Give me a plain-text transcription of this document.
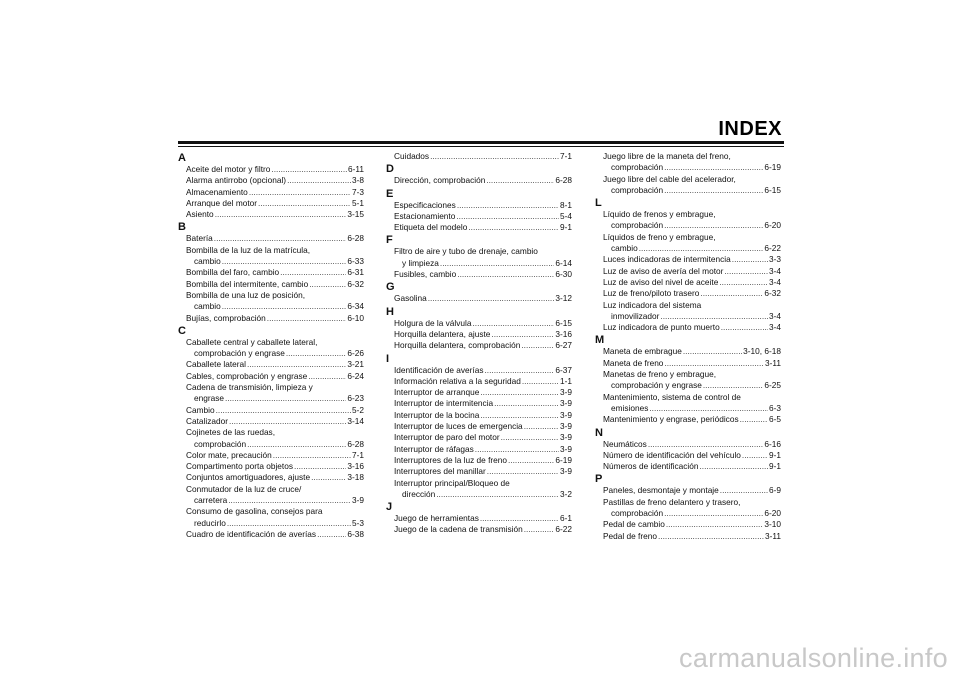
INDEX
A
Aceite del motor y filtro .....	6-11
Alarma antirrobo (opcional) .....	3-8
Almacenamiento .....	7-3
Arranque del motor .....	5-1
Asiento .....	3-15
B
Batería .....	6-28
Bombilla de la luz de la matrícula,
cambio .....	6-33
Bombilla del faro, cambio .....	6-31
Bombilla del intermitente, cambio .....	6-32
Bombilla de una luz de posición,
cambio .....	6-34
Bujías, comprobación .....	6-10
C
Caballete central y caballete lateral,
comprobación y engrase .....	6-26
Caballete lateral .....	3-21
Cables, comprobación y engrase .....	6-24
Cadena de transmisión, limpieza y
engrase .....	6-23
Cambio .....	5-2
Catalizador .....	3-14
Cojinetes de las ruedas,
comprobación .....	6-28
Color mate, precaución .....	7-1
Compartimento porta objetos .....	3-16
Conjuntos amortiguadores, ajuste .....	3-18
Conmutador de la luz de cruce/
carretera .....	3-9
Consumo de gasolina, consejos para
reducirlo .....	5-3
Cuadro de identificación de averías .....	6-38
Cuidados .....	7-1
D
Dirección, comprobación .....	6-28
E
Especificaciones .....	8-1
Estacionamiento .....	5-4
Etiqueta del modelo .....	9-1
F
Filtro de aire y tubo de drenaje, cambio
y limpieza .....	6-14
Fusibles, cambio .....	6-30
G
Gasolina .....	3-12
H
Holgura de la válvula .....	6-15
Horquilla delantera, ajuste .....	3-16
Horquilla delantera, comprobación .....	6-27
I
Identificación de averías .....	6-37
Información relativa a la seguridad .....	1-1
Interruptor de arranque .....	3-9
Interruptor de intermitencia .....	3-9
Interruptor de la bocina .....	3-9
Interruptor de luces de emergencia .....	3-9
Interruptor de paro del motor .....	3-9
Interruptor de ráfagas .....	3-9
Interruptores de la luz de freno .....	6-19
Interruptores del manillar .....	3-9
Interruptor principal/Bloqueo de
dirección .....	3-2
J
Juego de herramientas .....	6-1
Juego de la cadena de transmisión .....	6-22
Juego libre de la maneta del freno,
comprobación .....	6-19
Juego libre del cable del acelerador,
comprobación .....	6-15
L
Líquido de frenos y embrague,
comprobación .....	6-20
Líquidos de freno y embrague,
cambio .....	6-22
Luces indicadoras de intermitencia .....	3-3
Luz de aviso de avería del motor .....	3-4
Luz de aviso del nivel de aceite .....	3-4
Luz de freno/piloto trasero .....	6-32
Luz indicadora del sistema
inmovilizador .....	3-4
Luz indicadora de punto muerto .....	3-4
M
Maneta de embrague .....	3-10, 6-18
Maneta de freno .....	3-11
Manetas de freno y embrague,
comprobación y engrase .....	6-25
Mantenimiento, sistema de control de
emisiones .....	6-3
Mantenimiento y engrase, periódicos .....	6-5
N
Neumáticos .....	6-16
Número de identificación del vehículo .....	9-1
Números de identificación .....	9-1
P
Paneles, desmontaje y montaje .....	6-9
Pastillas de freno delantero y trasero,
comprobación .....	6-20
Pedal de cambio .....	3-10
Pedal de freno .....	3-11
carmanualsonline.info
